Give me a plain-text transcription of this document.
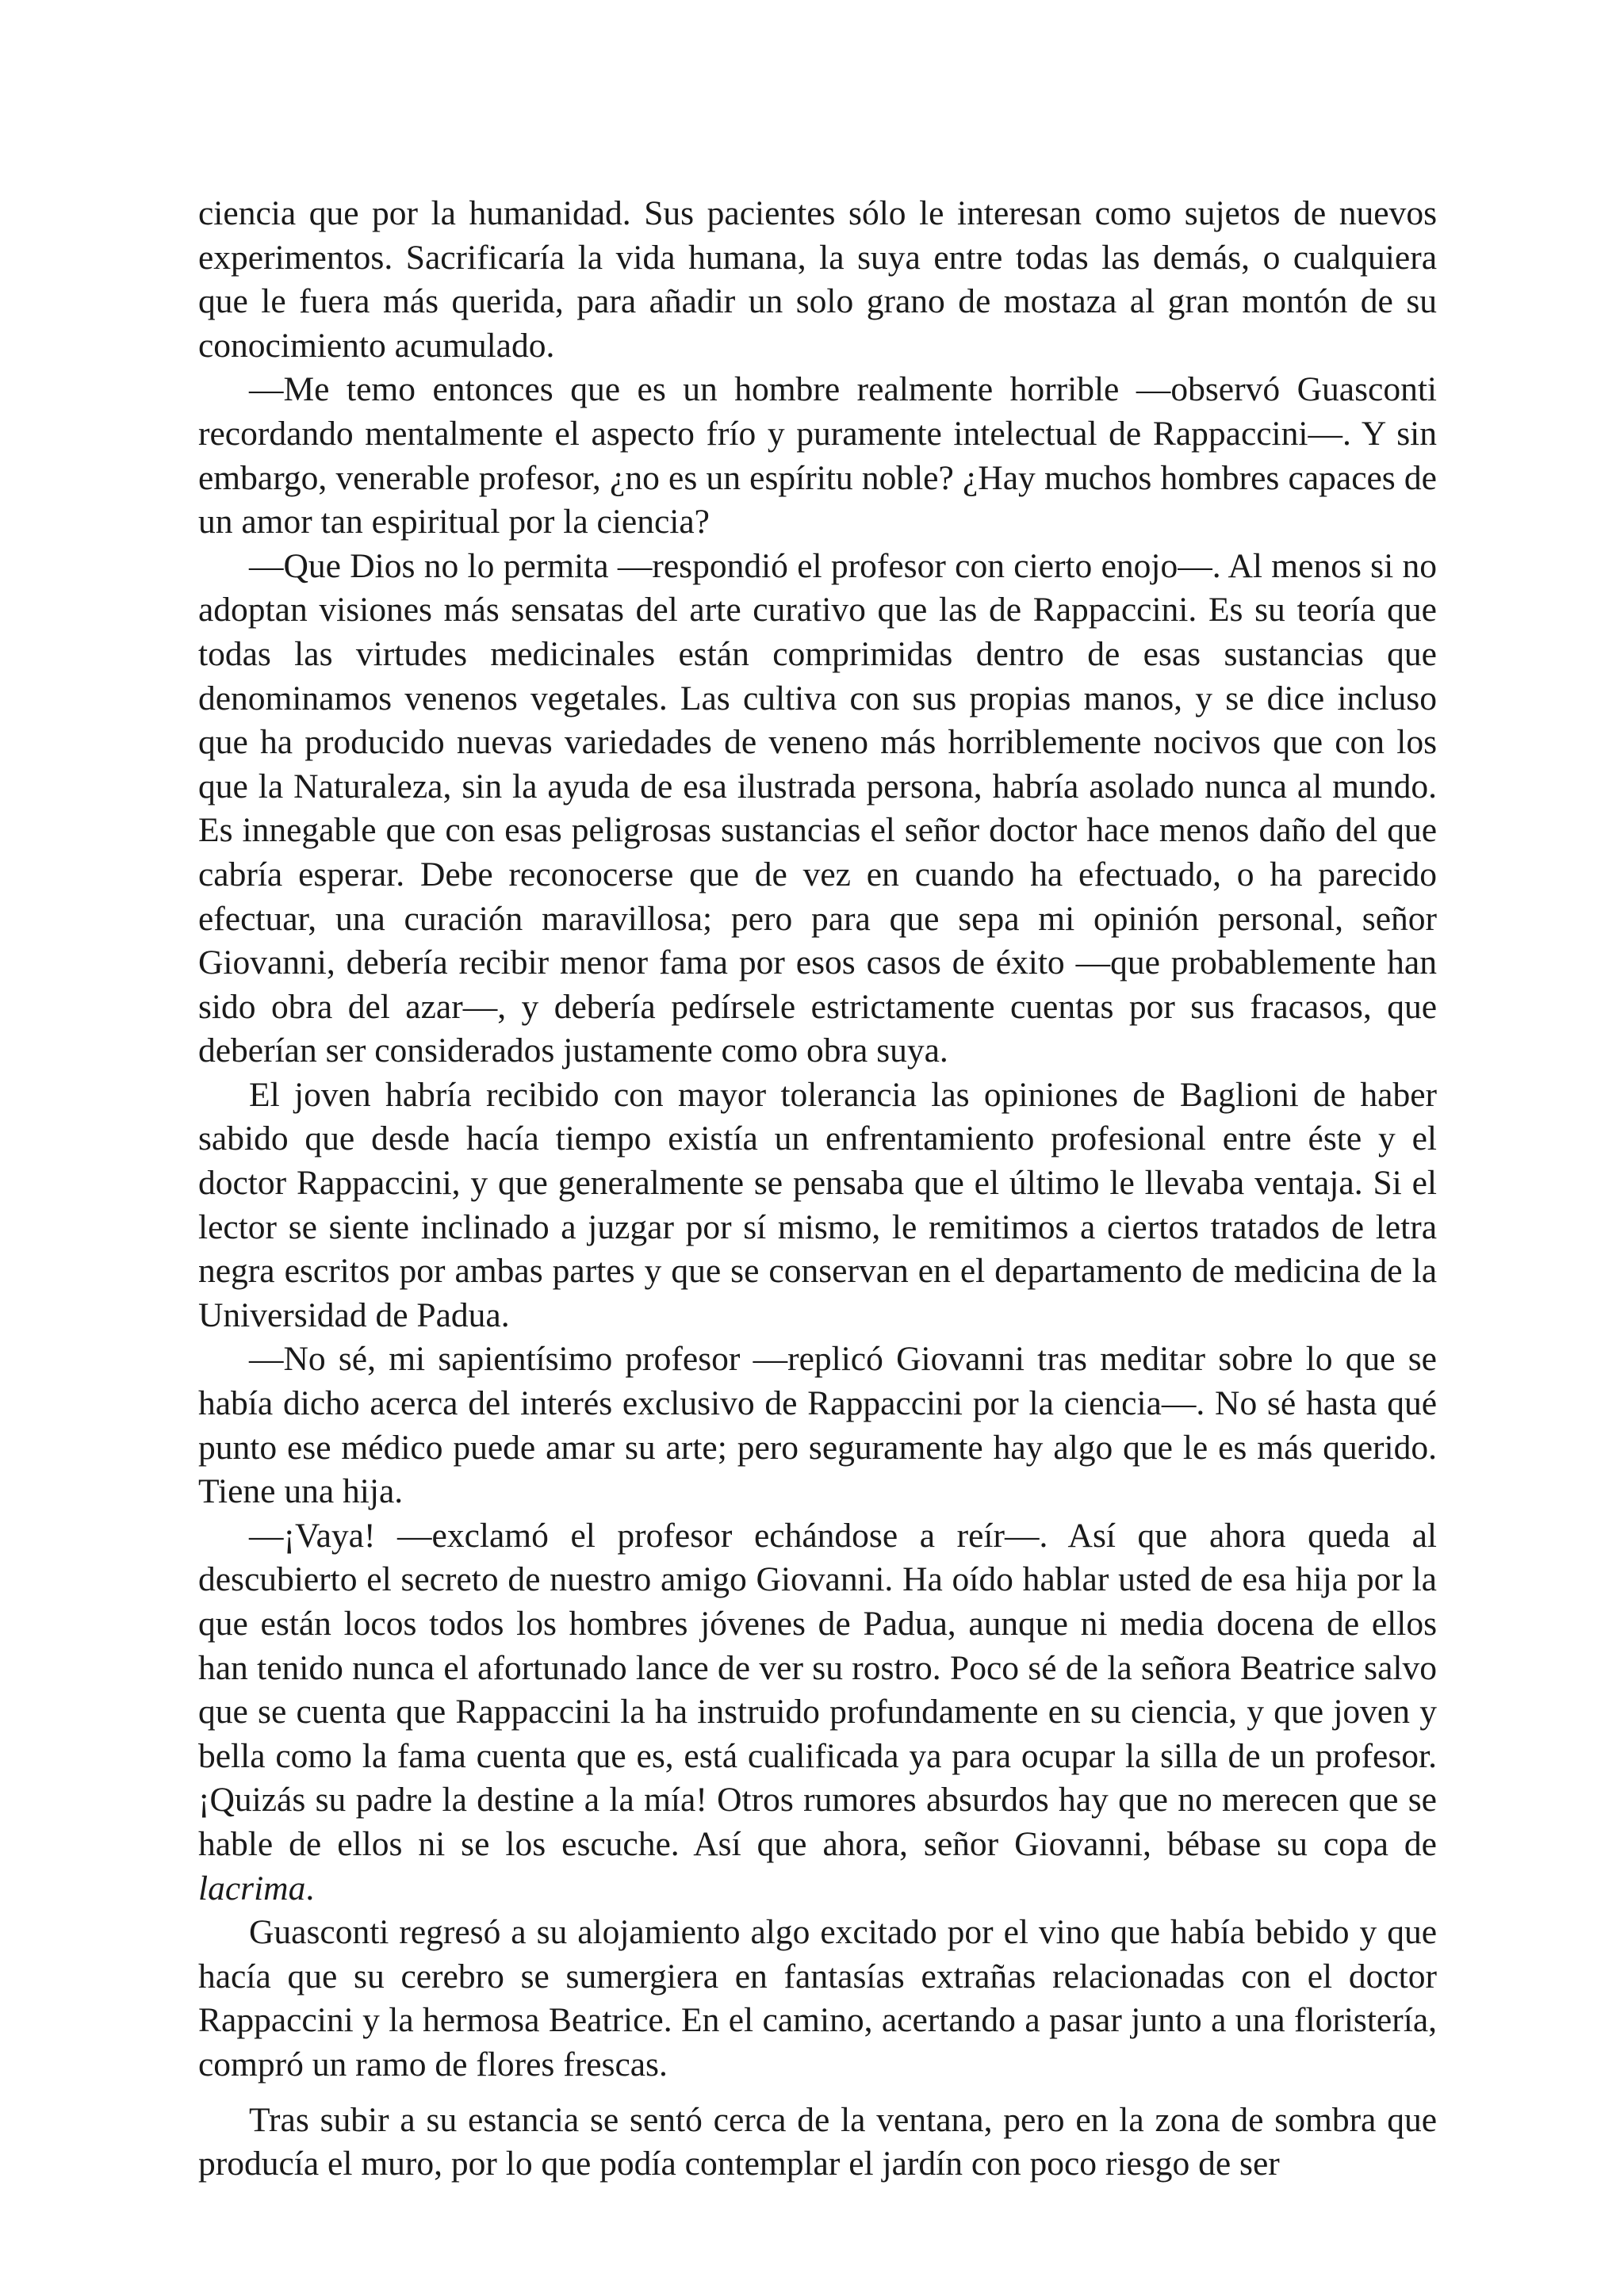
ciencia que por la humanidad. Sus pacientes sólo le interesan como sujetos de nuevos experimentos. Sacrificaría la vida humana, la suya entre todas las demás, o cualquiera que le fuera más querida, para añadir un solo grano de mostaza al gran montón de su conocimiento acumulado.

—Me temo entonces que es un hombre realmente horrible —observó Guasconti recordando mentalmente el aspecto frío y puramente intelectual de Rappaccini—. Y sin embargo, venerable profesor, ¿no es un espíritu noble? ¿Hay muchos hombres capaces de un amor tan espiritual por la ciencia?

—Que Dios no lo permita —respondió el profesor con cierto enojo—. Al menos si no adoptan visiones más sensatas del arte curativo que las de Rappaccini. Es su teoría que todas las virtudes medicinales están comprimidas dentro de esas sustancias que denominamos venenos vegetales. Las cultiva con sus propias manos, y se dice incluso que ha producido nuevas variedades de veneno más horriblemente nocivos que con los que la Naturaleza, sin la ayuda de esa ilustrada persona, habría asolado nunca al mundo. Es innegable que con esas peligrosas sustancias el señor doctor hace menos daño del que cabría esperar. Debe reconocerse que de vez en cuando ha efectuado, o ha parecido efectuar, una curación maravillosa; pero para que sepa mi opinión personal, señor Giovanni, debería recibir menor fama por esos casos de éxito —que probablemente han sido obra del azar—, y debería pedírsele estrictamente cuentas por sus fracasos, que deberían ser considerados justamente como obra suya.

El joven habría recibido con mayor tolerancia las opiniones de Baglioni de haber sabido que desde hacía tiempo existía un enfrentamiento profesional entre éste y el doctor Rappaccini, y que generalmente se pensaba que el último le llevaba ventaja. Si el lector se siente inclinado a juzgar por sí mismo, le remitimos a ciertos tratados de letra negra escritos por ambas partes y que se conservan en el departamento de medicina de la Universidad de Padua.

—No sé, mi sapientísimo profesor —replicó Giovanni tras meditar sobre lo que se había dicho acerca del interés exclusivo de Rappaccini por la ciencia—. No sé hasta qué punto ese médico puede amar su arte; pero seguramente hay algo que le es más querido. Tiene una hija.

—¡Vaya! —exclamó el profesor echándose a reír—. Así que ahora queda al descubierto el secreto de nuestro amigo Giovanni. Ha oído hablar usted de esa hija por la que están locos todos los hombres jóvenes de Padua, aunque ni media docena de ellos han tenido nunca el afortunado lance de ver su rostro. Poco sé de la señora Beatrice salvo que se cuenta que Rappaccini la ha instruido profundamente en su ciencia, y que joven y bella como la fama cuenta que es, está cualificada ya para ocupar la silla de un profesor. ¡Quizás su padre la destine a la mía! Otros rumores absurdos hay que no merecen que se hable de ellos ni se los escuche. Así que ahora, señor Giovanni, bébase su copa de lacrima.

Guasconti regresó a su alojamiento algo excitado por el vino que había bebido y que hacía que su cerebro se sumergiera en fantasías extrañas relacionadas con el doctor Rappaccini y la hermosa Beatrice. En el camino, acertando a pasar junto a una floristería, compró un ramo de flores frescas.

Tras subir a su estancia se sentó cerca de la ventana, pero en la zona de sombra que producía el muro, por lo que podía contemplar el jardín con poco riesgo de ser
